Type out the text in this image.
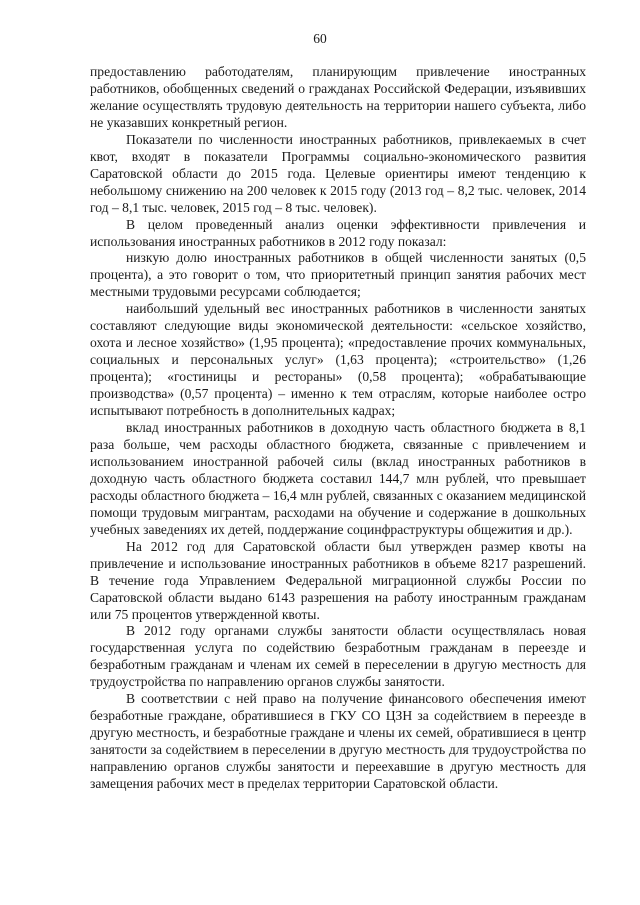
60

предоставлению работодателям, планирующим привлечение иностранных работников, обобщенных сведений о гражданах Российской Федерации, изъявивших желание осуществлять трудовую деятельность на территории нашего субъекта, либо не указавших конкретный регион.

Показатели по численности иностранных работников, привлекаемых в счет квот, входят в показатели Программы социально-экономического развития Саратовской области до 2015 года. Целевые ориентиры имеют тенденцию к небольшому снижению на 200 человек к 2015 году (2013 год – 8,2 тыс. человек, 2014 год – 8,1 тыс. человек, 2015 год – 8 тыс. человек).

В целом проведенный анализ оценки эффективности привлечения и использования иностранных работников в 2012 году показал:

низкую долю иностранных работников в общей численности занятых (0,5 процента), а это говорит о том, что приоритетный принцип занятия рабочих мест местными трудовыми ресурсами соблюдается;

наибольший удельный вес иностранных работников в численности занятых составляют следующие виды экономической деятельности: «сельское хозяйство, охота и лесное хозяйство» (1,95 процента); «предоставление прочих коммунальных, социальных и персональных услуг» (1,63 процента); «строительство» (1,26 процента); «гостиницы и рестораны» (0,58 процента); «обрабатывающие производства» (0,57 процента) – именно к тем отраслям, которые наиболее остро испытывают потребность в дополнительных кадрах;

вклад иностранных работников в доходную часть областного бюджета в 8,1 раза больше, чем расходы областного бюджета, связанные с привлечением и использованием иностранной рабочей силы (вклад иностранных работников в доходную часть областного бюджета составил 144,7 млн рублей, что превышает расходы областного бюджета – 16,4 млн рублей, связанных с оказанием медицинской помощи трудовым мигрантам, расходами на обучение и содержание в дошкольных учебных заведениях их детей, поддержание социнфраструктуры общежития и др.).

На 2012 год для Саратовской области был утвержден размер квоты на привлечение и использование иностранных работников в объеме 8217 разрешений. В течение года Управлением Федеральной миграционной службы России по Саратовской области выдано 6143 разрешения на работу иностранным гражданам или 75 процентов утвержденной квоты.

В 2012 году органами службы занятости области осуществлялась новая государственная услуга по содействию безработным гражданам в переезде и безработным гражданам и членам их семей в переселении в другую местность для трудоустройства по направлению органов службы занятости.

В соответствии с ней право на получение финансового обеспечения имеют безработные граждане, обратившиеся в ГКУ СО ЦЗН за содействием в переезде в другую местность, и безработные граждане и члены их семей, обратившиеся в центр занятости за содействием в переселении в другую местность для трудоустройства по направлению органов службы занятости и переехавшие в другую местность для замещения рабочих мест в пределах территории Саратовской области.
